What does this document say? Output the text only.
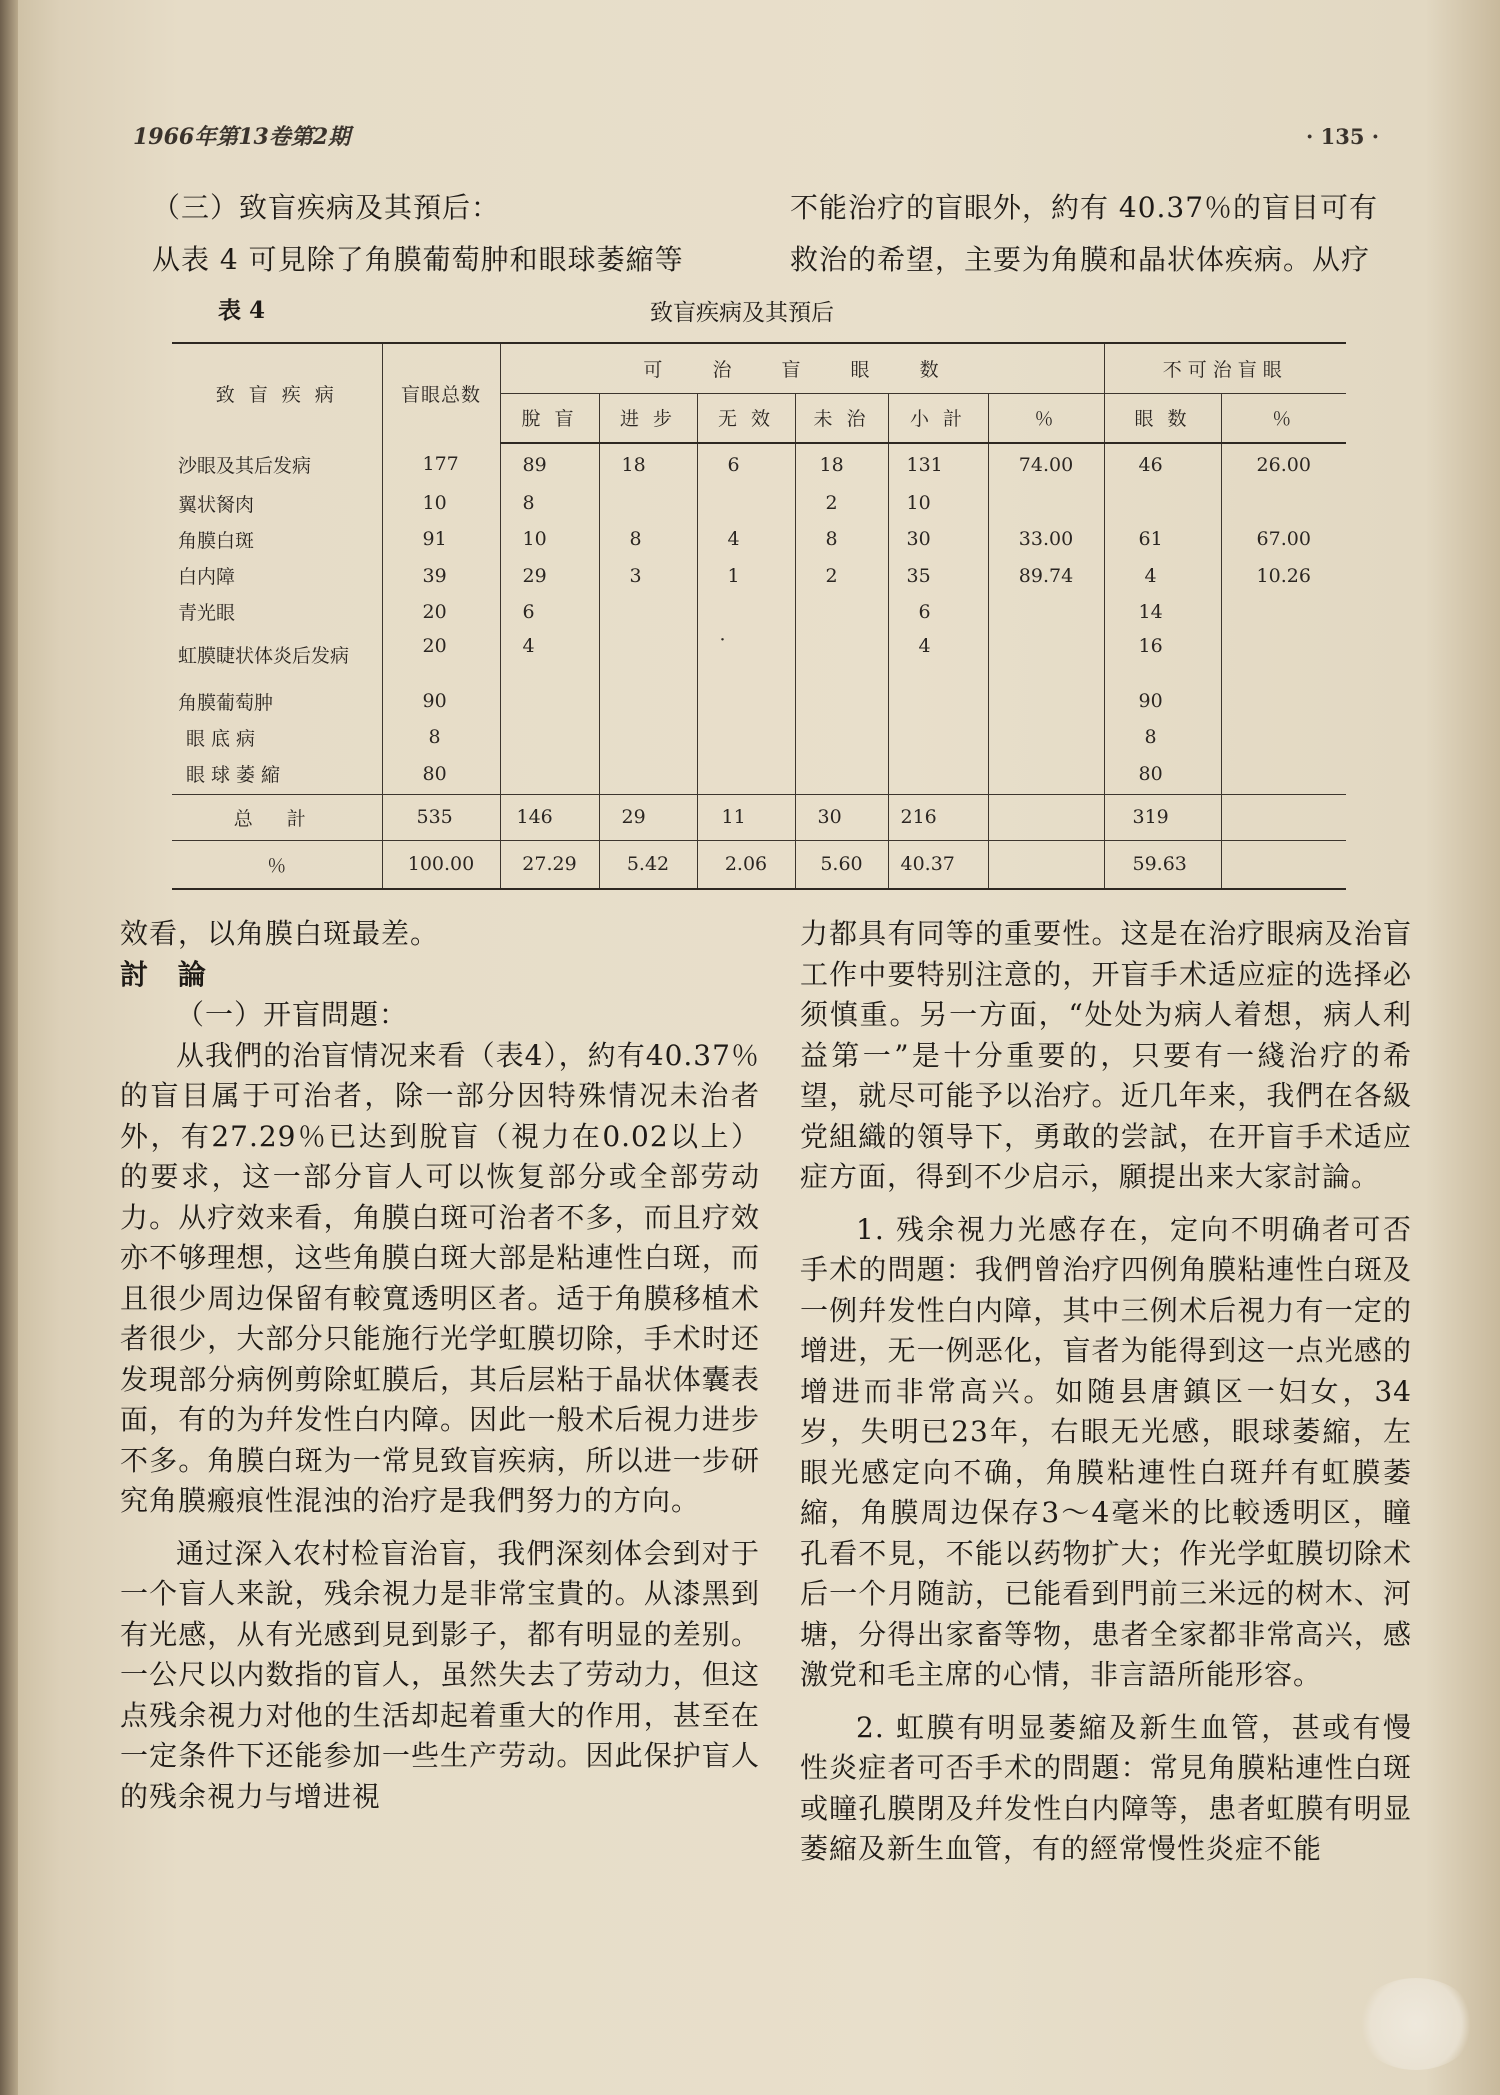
1966年第13卷第2期	· 135 ·

（三）致盲疾病及其預后：

从表 4 可見除了角膜葡萄肿和眼球萎縮等

不能治疗的盲眼外，約有 40.37％的盲目可有

救治的希望，主要为角膜和晶状体疾病。从疗

表 4	致盲疾病及其預后
致 盲 疾 病	盲眼总数	可 治 盲 眼 数						不可治盲眼	
		脫 盲	进 步	无 效	未 治	小 計	％	眼 数	％
沙眼及其后发病	177	89	18	6	18	131	74.00	46	26.00
翼状胬肉	10	8			2	10			
角膜白斑	91	10	8	4	8	30	33.00	61	67.00
白内障	39	29	3	1	2	35	89.74	4	10.26
青光眼	20	6				6		14	
虹膜睫状体炎后发病	20	4		·		4		16	
角膜葡萄肿	90							90	
眼底病	8							8	
眼球萎縮	80							80	
总 計	535	146	29	11	30	216		319	
％	100.00	27.29	5.42	2.06	5.60	40.37		59.63	

效看，以角膜白斑最差。

討 論

（一）开盲問題：

从我們的治盲情况来看（表4），約有40.37％的盲目属于可治者，除一部分因特殊情况未治者外，有27.29％已达到脫盲（視力在0.02以上）的要求，这一部分盲人可以恢复部分或全部劳动力。从疗效来看，角膜白斑可治者不多，而且疗效亦不够理想，这些角膜白斑大部是粘連性白斑，而且很少周边保留有較寬透明区者。适于角膜移植术者很少，大部分只能施行光学虹膜切除，手术时还发現部分病例剪除虹膜后，其后层粘于晶状体囊表面，有的为幷发性白内障。因此一般术后視力进步不多。角膜白斑为一常見致盲疾病，所以进一步研究角膜瘢痕性混浊的治疗是我們努力的方向。

通过深入农村检盲治盲，我們深刻体会到对于一个盲人来說，残余視力是非常宝貴的。从漆黑到有光感，从有光感到見到影子，都有明显的差别。一公尺以内数指的盲人，虽然失去了劳动力，但这点残余視力对他的生活却起着重大的作用，甚至在一定条件下还能参加一些生产劳动。因此保护盲人的残余視力与增进視

力都具有同等的重要性。这是在治疗眼病及治盲工作中要特别注意的，开盲手术适应症的选择必须慎重。另一方面，“处处为病人着想，病人利益第一”是十分重要的，只要有一綫治疗的希望，就尽可能予以治疗。近几年来，我們在各級党組織的領导下，勇敢的尝試，在开盲手术适应症方面，得到不少启示，願提出来大家討論。

1. 残余視力光感存在，定向不明确者可否手术的問題：我們曾治疗四例角膜粘連性白斑及一例幷发性白内障，其中三例术后視力有一定的增进，无一例恶化，盲者为能得到这一点光感的增进而非常高兴。如随县唐鎮区一妇女，34岁，失明已23年，右眼无光感，眼球萎縮，左眼光感定向不确，角膜粘連性白斑幷有虹膜萎縮，角膜周边保存3～4毫米的比較透明区，瞳孔看不見，不能以药物扩大；作光学虹膜切除术后一个月随訪，已能看到門前三米远的树木、河塘，分得出家畜等物，患者全家都非常高兴，感激党和毛主席的心情，非言語所能形容。

2. 虹膜有明显萎縮及新生血管，甚或有慢性炎症者可否手术的問題：常見角膜粘連性白斑或瞳孔膜閉及幷发性白内障等，患者虹膜有明显萎縮及新生血管，有的經常慢性炎症不能
